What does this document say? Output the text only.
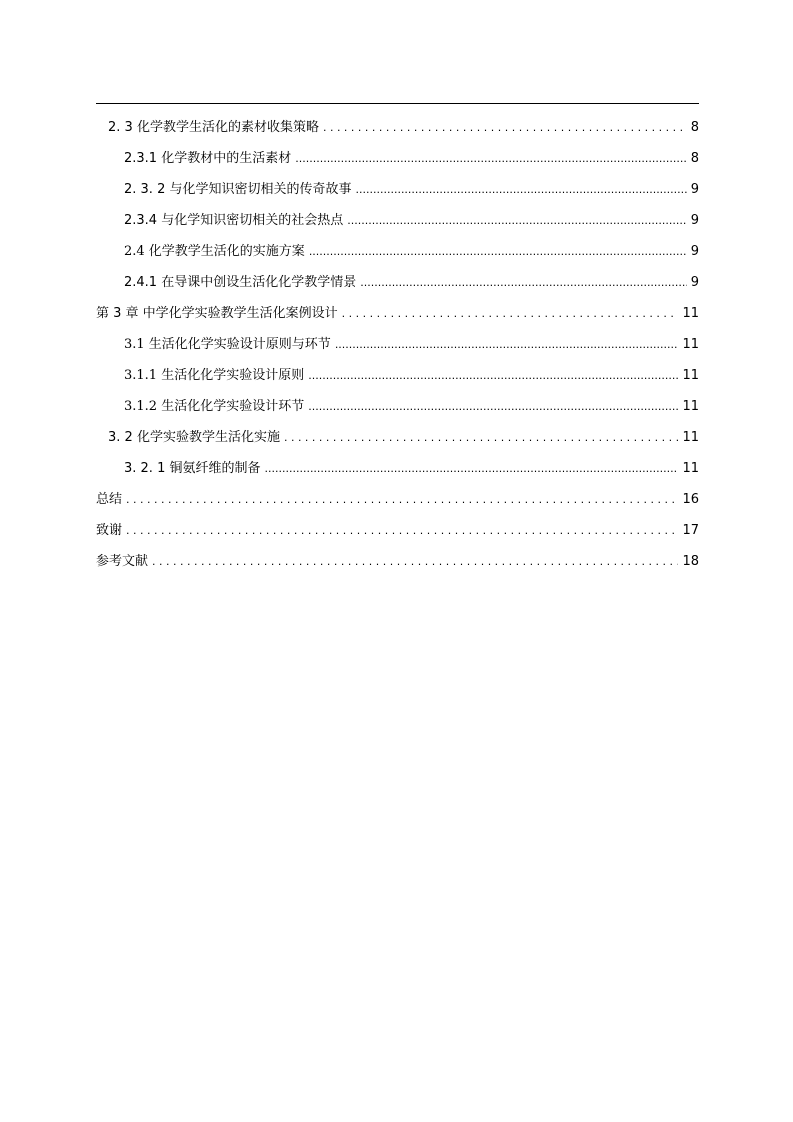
2. 3 化学教学生活化的素材收集策略 . . .	8
2.3.1 化学教材中的生活素材 .....	8
2. 3. 2 与化学知识密切相关的传奇故事 .....	9
2.3.4 与化学知识密切相关的社会热点 .....	9
2.4 化学教学生活化的实施方案 .....	9
2.4.1 在导课中创设生活化化学教学情景 .....	9
第 3 章 中学化学实验教学生活化案例设计 . . .	11
3.1 生活化化学实验设计原则与环节 .....	11
3.1.1 生活化化学实验设计原则 .....	11
3.1.2 生活化化学实验设计环节 .....	11
3. 2 化学实验教学生活化实施 . . .	11
3. 2. 1 铜氨纤维的制备 .....	11
总结 . . .	16
致谢 . . .	17
参考文献 . . .	18
